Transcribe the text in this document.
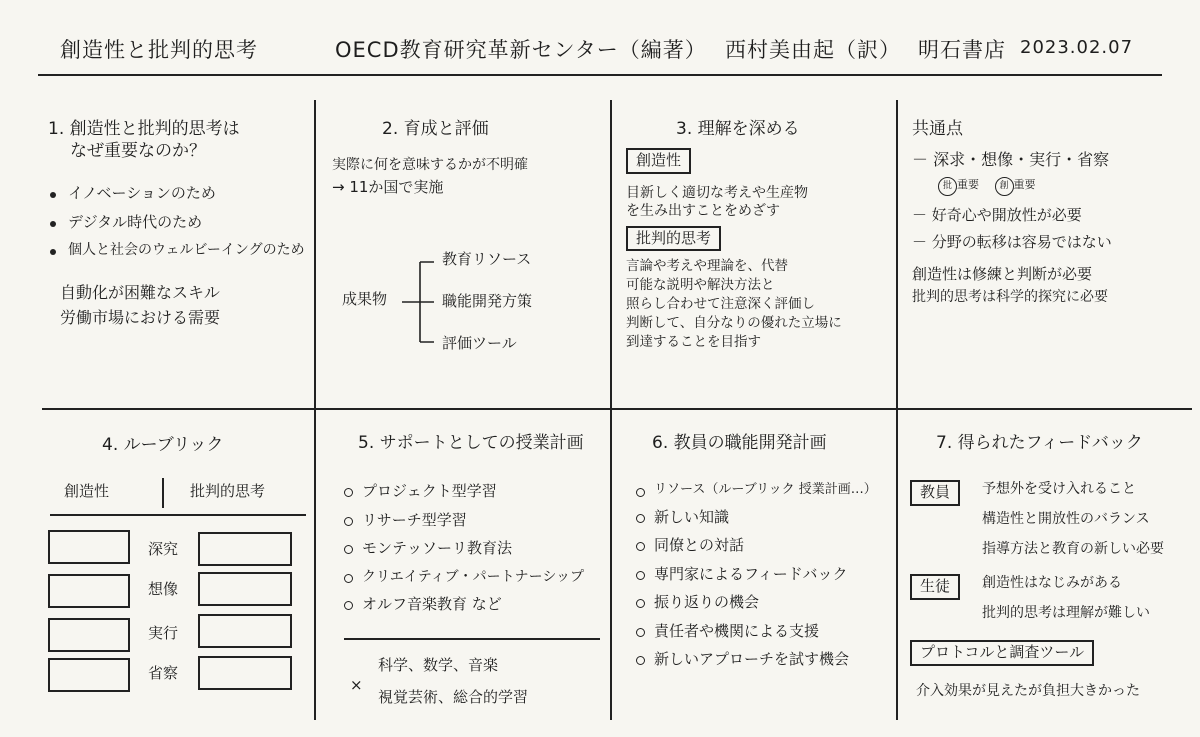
創造性と批判的思考	OECD教育研究革新センター（編著） 西村美由起（訳） 明石書店 2023.02.07
1. 創造性と批判的思考は
なぜ重要なのか？
イノベーションのため
デジタル時代のため
個人と社会のウェルビーイングのため
自動化が困難なスキル
労働市場における需要
2. 育成と評価
実際に何を意味するかが不明確
→ 11か国で実施
成果物
教育リソース
職能開発方策
評価ツール
3. 理解を深める
創造性
目新しく適切な考えや生産物
を生み出すことをめざす
批判的思考
言論や考えや理論を、代替
可能な説明や解決方法と
照らし合わせて注意深く評価し
判断して、自分なりの優れた立場に
到達することを目指す
共通点
－ 深求・想像・実行・省察
批 重要 創 重要
－ 好奇心や開放性が必要
－ 分野の転移は容易ではない
創造性は修練と判断が必要
批判的思考は科学的探究に必要
4. ルーブリック
創造性	批判的思考
深究
想像
実行
省察
5. サポートとしての授業計画
プロジェクト型学習
リサーチ型学習
モンテッソーリ教育法
クリエイティブ・パートナーシップ
オルフ音楽教育 など
×
科学、数学、音楽
視覚芸術、総合的学習
6. 教員の職能開発計画
リソース（ルーブリック 授業計画…）
新しい知識
同僚との対話
専門家によるフィードバック
振り返りの機会
責任者や機関による支援
新しいアプローチを試す機会
7. 得られたフィードバック
教員	予想外を受け入れること
構造性と開放性のバランス
指導方法と教育の新しい必要
生徒	創造性はなじみがある
批判的思考は理解が難しい
プロトコルと調査ツール
介入効果が見えたが負担大きかった
